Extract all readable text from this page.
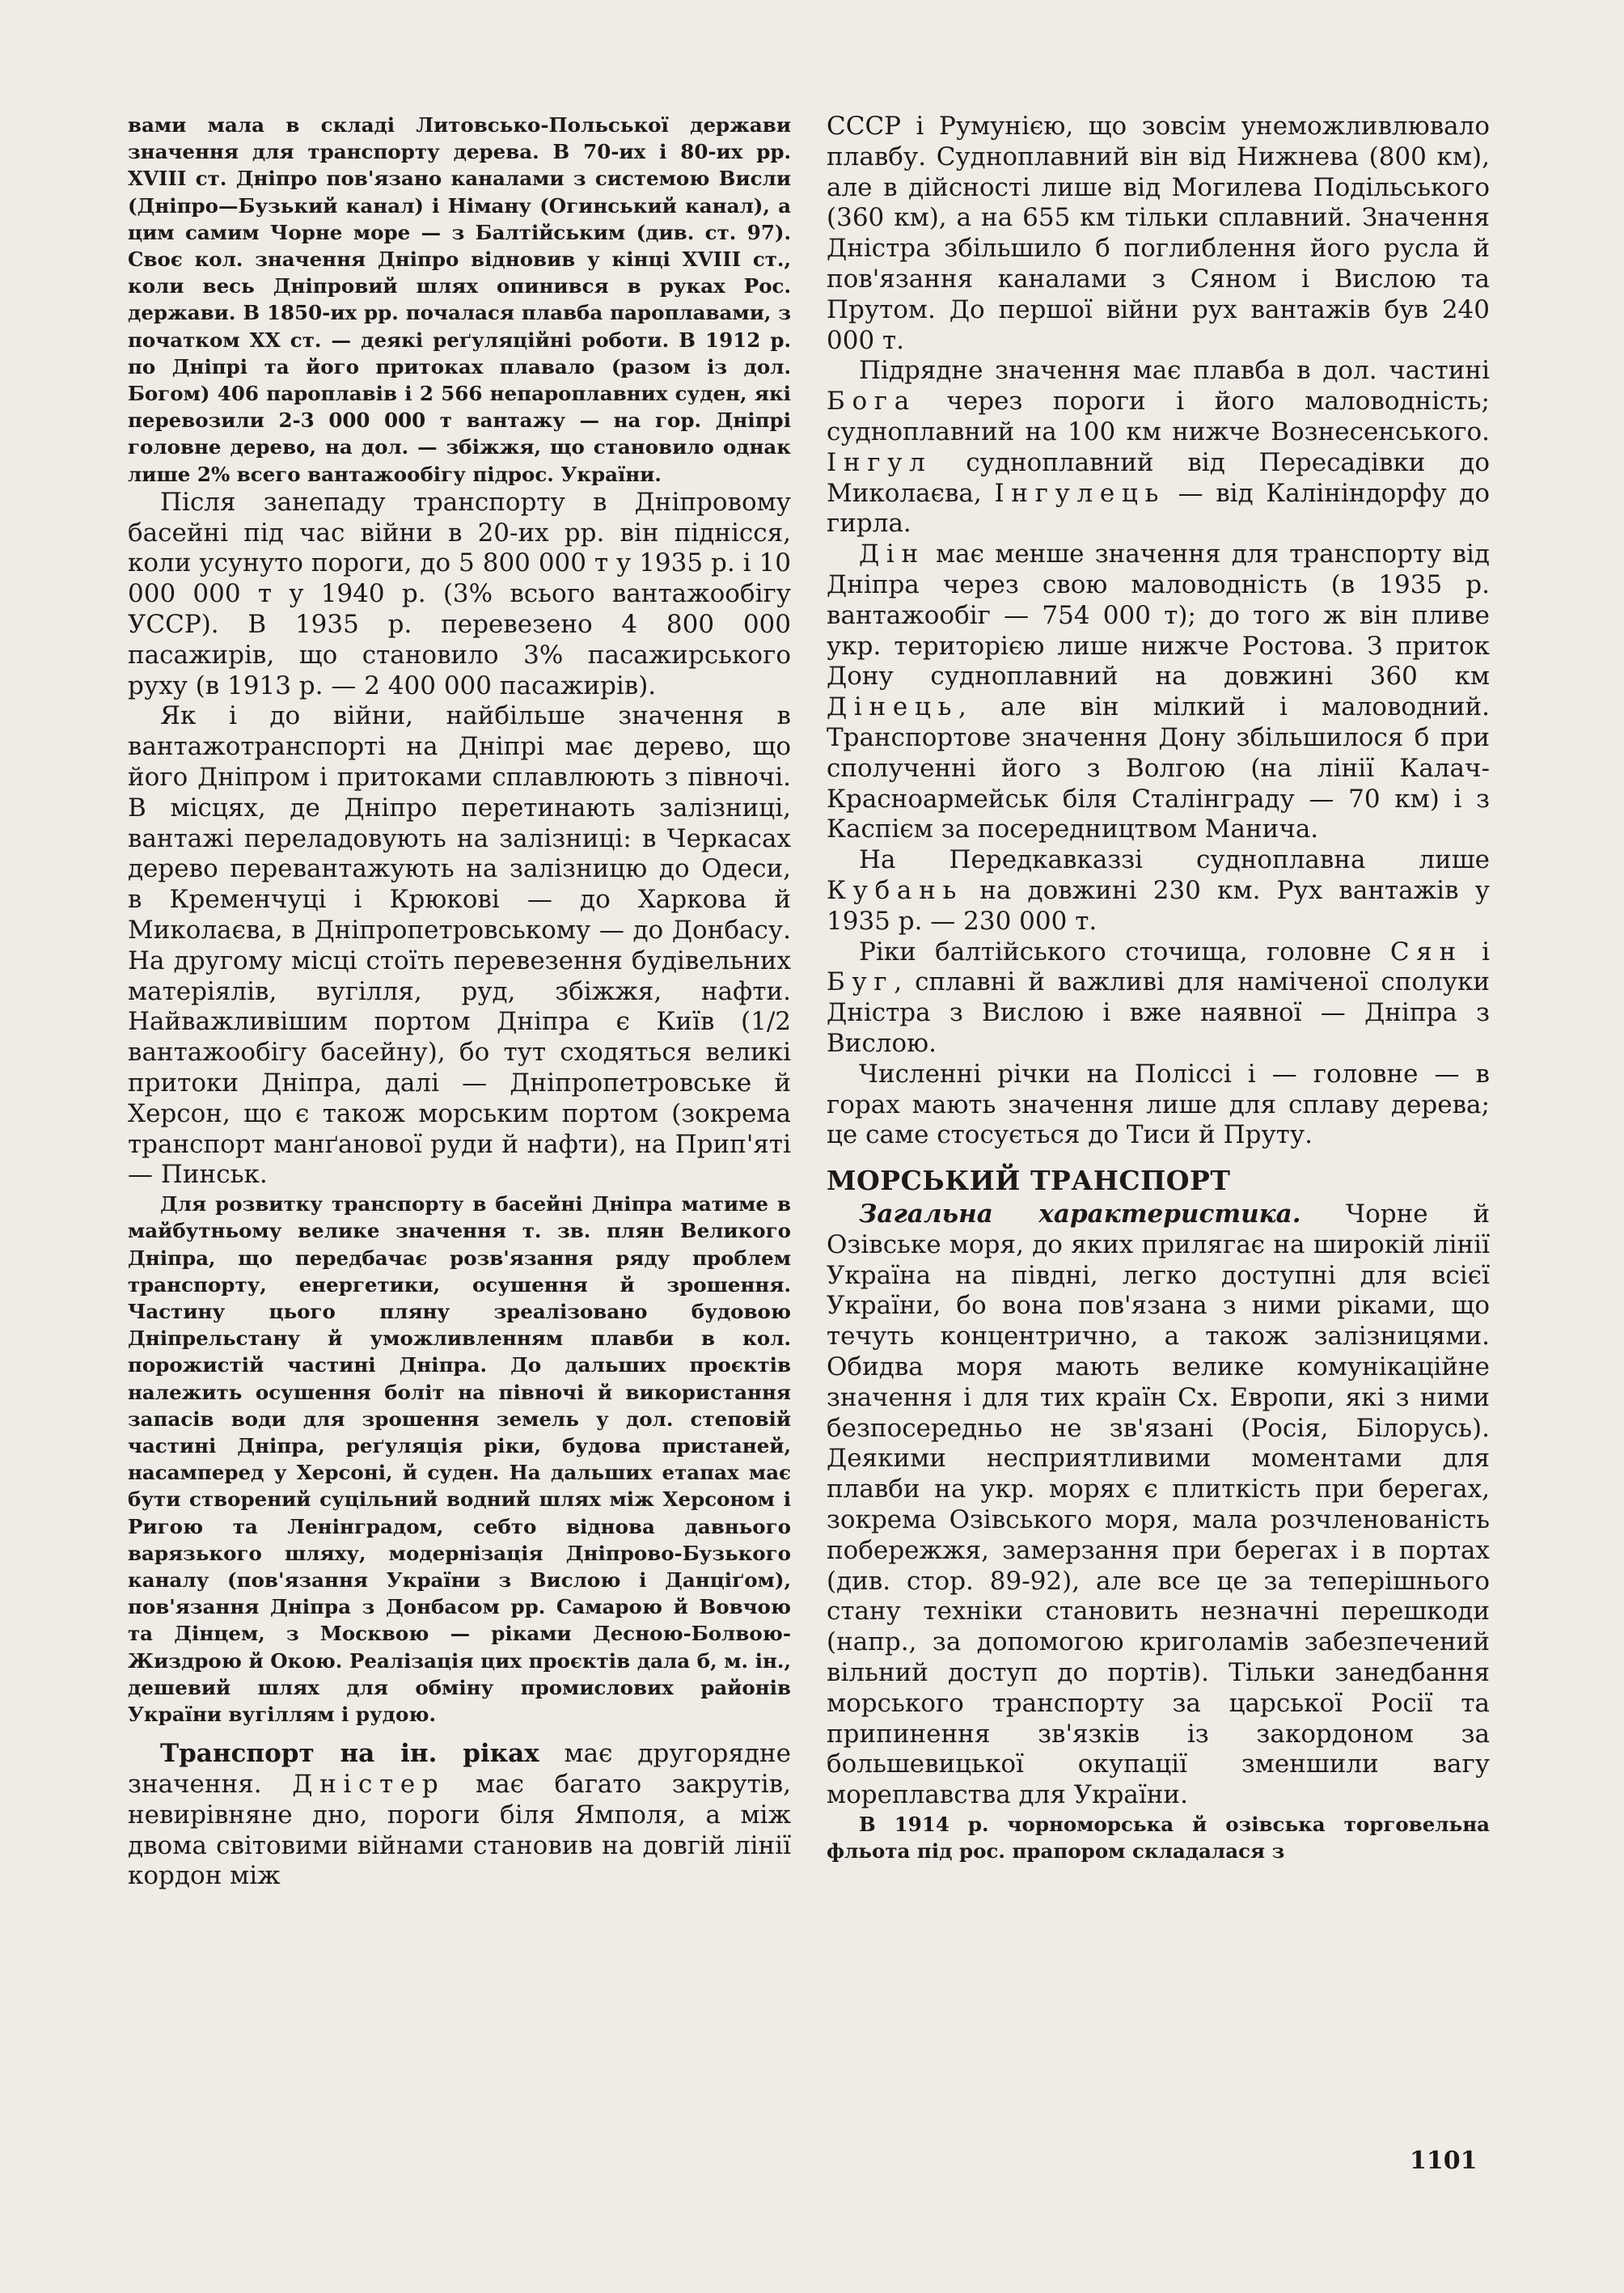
вами мала в складі Литовсько-Польської держави значення для транспорту дерева. В 70-их і 80-их рр. XVIII ст. Дніпро пов'язано каналами з системою Висли (Дніпро—Бузький канал) і Німану (Огинський канал), а цим самим Чорне море — з Балтійським (див. ст. 97). Своє кол. значення Дніпро відновив у кінці XVIII ст., коли весь Дніпровий шлях опинився в руках Рос. держави. В 1850-их рр. почалася плавба пароплавами, з початком XX ст. — деякі реґуляційні роботи. В 1912 р. по Дніпрі та його притоках плавало (разом із дол. Богом) 406 пароплавів і 2 566 непароплавних суден, які перевозили 2-3 000 000 т вантажу — на гор. Дніпрі головне дерево, на дол. — збіжжя, що становило однак лише 2% всего вантажообігу підрос. України.

Після занепаду транспорту в Дніпровому басейні під час війни в 20-их рр. він піднісся, коли усунуто пороги, до 5 800 000 т у 1935 р. і 10 000 000 т у 1940 р. (3% всього вантажообігу УССР). В 1935 р. перевезено 4 800 000 пасажирів, що становило 3% пасажирського руху (в 1913 р. — 2 400 000 пасажирів).

Як і до війни, найбільше значення в вантажотранспорті на Дніпрі має дерево, що його Дніпром і притоками сплавлюють з півночі. В місцях, де Дніпро перетинають залізниці, вантажі переладовують на залізниці: в Черкасах дерево перевантажують на залізницю до Одеси, в Кременчуці і Крюкові — до Харкова й Миколаєва, в Дніпропетровському — до Донбасу. На другому місці стоїть перевезення будівельних матеріялів, вугілля, руд, збіжжя, нафти. Найважливішим портом Дніпра є Київ (1/2 вантажообігу басейну), бо тут сходяться великі притоки Дніпра, далі — Дніпропетровське й Херсон, що є також морським портом (зокрема транспорт манґанової руди й нафти), на Прип'яті — Пинськ.

Для розвитку транспорту в басейні Дніпра матиме в майбутньому велике значення т. зв. плян Великого Дніпра, що передбачає розв'язання ряду проблем транспорту, енергетики, осушення й зрошення. Частину цього пляну зреалізовано будовою Дніпрельстану й уможливленням плавби в кол. порожистій частині Дніпра. До дальших проєктів належить осушення боліт на півночі й використання запасів води для зрошення земель у дол. степовій частині Дніпра, реґуляція ріки, будова пристаней, насамперед у Херсоні, й суден. На дальших етапах має бути створений суцільний водний шлях між Херсоном і Ригою та Ленінградом, себто віднова давнього варязького шляху, модернізація Дніпрово-Бузького каналу (пов'язання України з Вислою і Данціґом), пов'язання Дніпра з Донбасом рр. Самарою й Вовчою та Дінцем, з Москвою — ріками Десною-Болвою-Жиздрою й Окою. Реалізація цих проєктів дала б, м. ін., дешевий шлях для обміну промислових районів України вугіллям і рудою.

Транспорт на ін. ріках має другорядне значення. Дністер має багато закрутів, невирівняне дно, пороги біля Ямполя, а між двома світовими війнами становив на довгій лінії кордон між

СССР і Румунією, що зовсім унеможливлювало плавбу. Судноплавний він від Нижнева (800 км), але в дійсності лише від Могилева Подільського (360 км), а на 655 км тільки сплавний. Значення Дністра збільшило б поглиблення його русла й пов'язання каналами з Сяном і Вислою та Прутом. До першої війни рух вантажів був 240 000 т.

Підрядне значення має плавба в дол. частині Бога через пороги і його маловодність; судноплавний на 100 км нижче Вознесенського. Інгул судноплавний від Пересадівки до Миколаєва, Інгулець — від Калініндорфу до гирла.

Дін має менше значення для транспорту від Дніпра через свою маловодність (в 1935 р. вантажообіг — 754 000 т); до того ж він пливе укр. територією лише нижче Ростова. З приток Дону судноплавний на довжині 360 км Дінець, але він мілкий і маловодний. Транспортове значення Дону збільшилося б при сполученні його з Волгою (на лінії Калач-Красноармейськ біля Сталінграду — 70 км) і з Каспієм за посередництвом Манича.

На Передкавказзі судноплавна лише Кубань на довжині 230 км. Рух вантажів у 1935 р. — 230 000 т.

Ріки балтійського сточища, головне Сян і Буг, сплавні й важливі для наміченої сполуки Дністра з Вислою і вже наявної — Дніпра з Вислою.

Численні річки на Поліссі і — головне — в горах мають значення лише для сплаву дерева; це саме стосується до Тиси й Пруту.

МОРСЬКИЙ ТРАНСПОРТ

Загальна характеристика. Чорне й Озівське моря, до яких прилягає на широкій лінії Україна на півдні, легко доступні для всієї України, бо вона пов'язана з ними ріками, що течуть концентрично, а також залізницями. Обидва моря мають велике комунікаційне значення і для тих країн Сх. Европи, які з ними безпосередньо не зв'язані (Росія, Білорусь). Деякими несприятливими моментами для плавби на укр. морях є плиткість при берегах, зокрема Озівського моря, мала розчленованість побережжя, замерзання при берегах і в портах (див. стор. 89-92), але все це за теперішнього стану техніки становить незначні перешкоди (напр., за допомогою криголамів забезпечений вільний доступ до портів). Тільки занедбання морського транспорту за царської Росії та припинення зв'язків із закордоном за большевицької окупації зменшили вагу мореплавства для України.

В 1914 р. чорноморська й озівська торговельна фльота під рос. прапором складалася з

1101
